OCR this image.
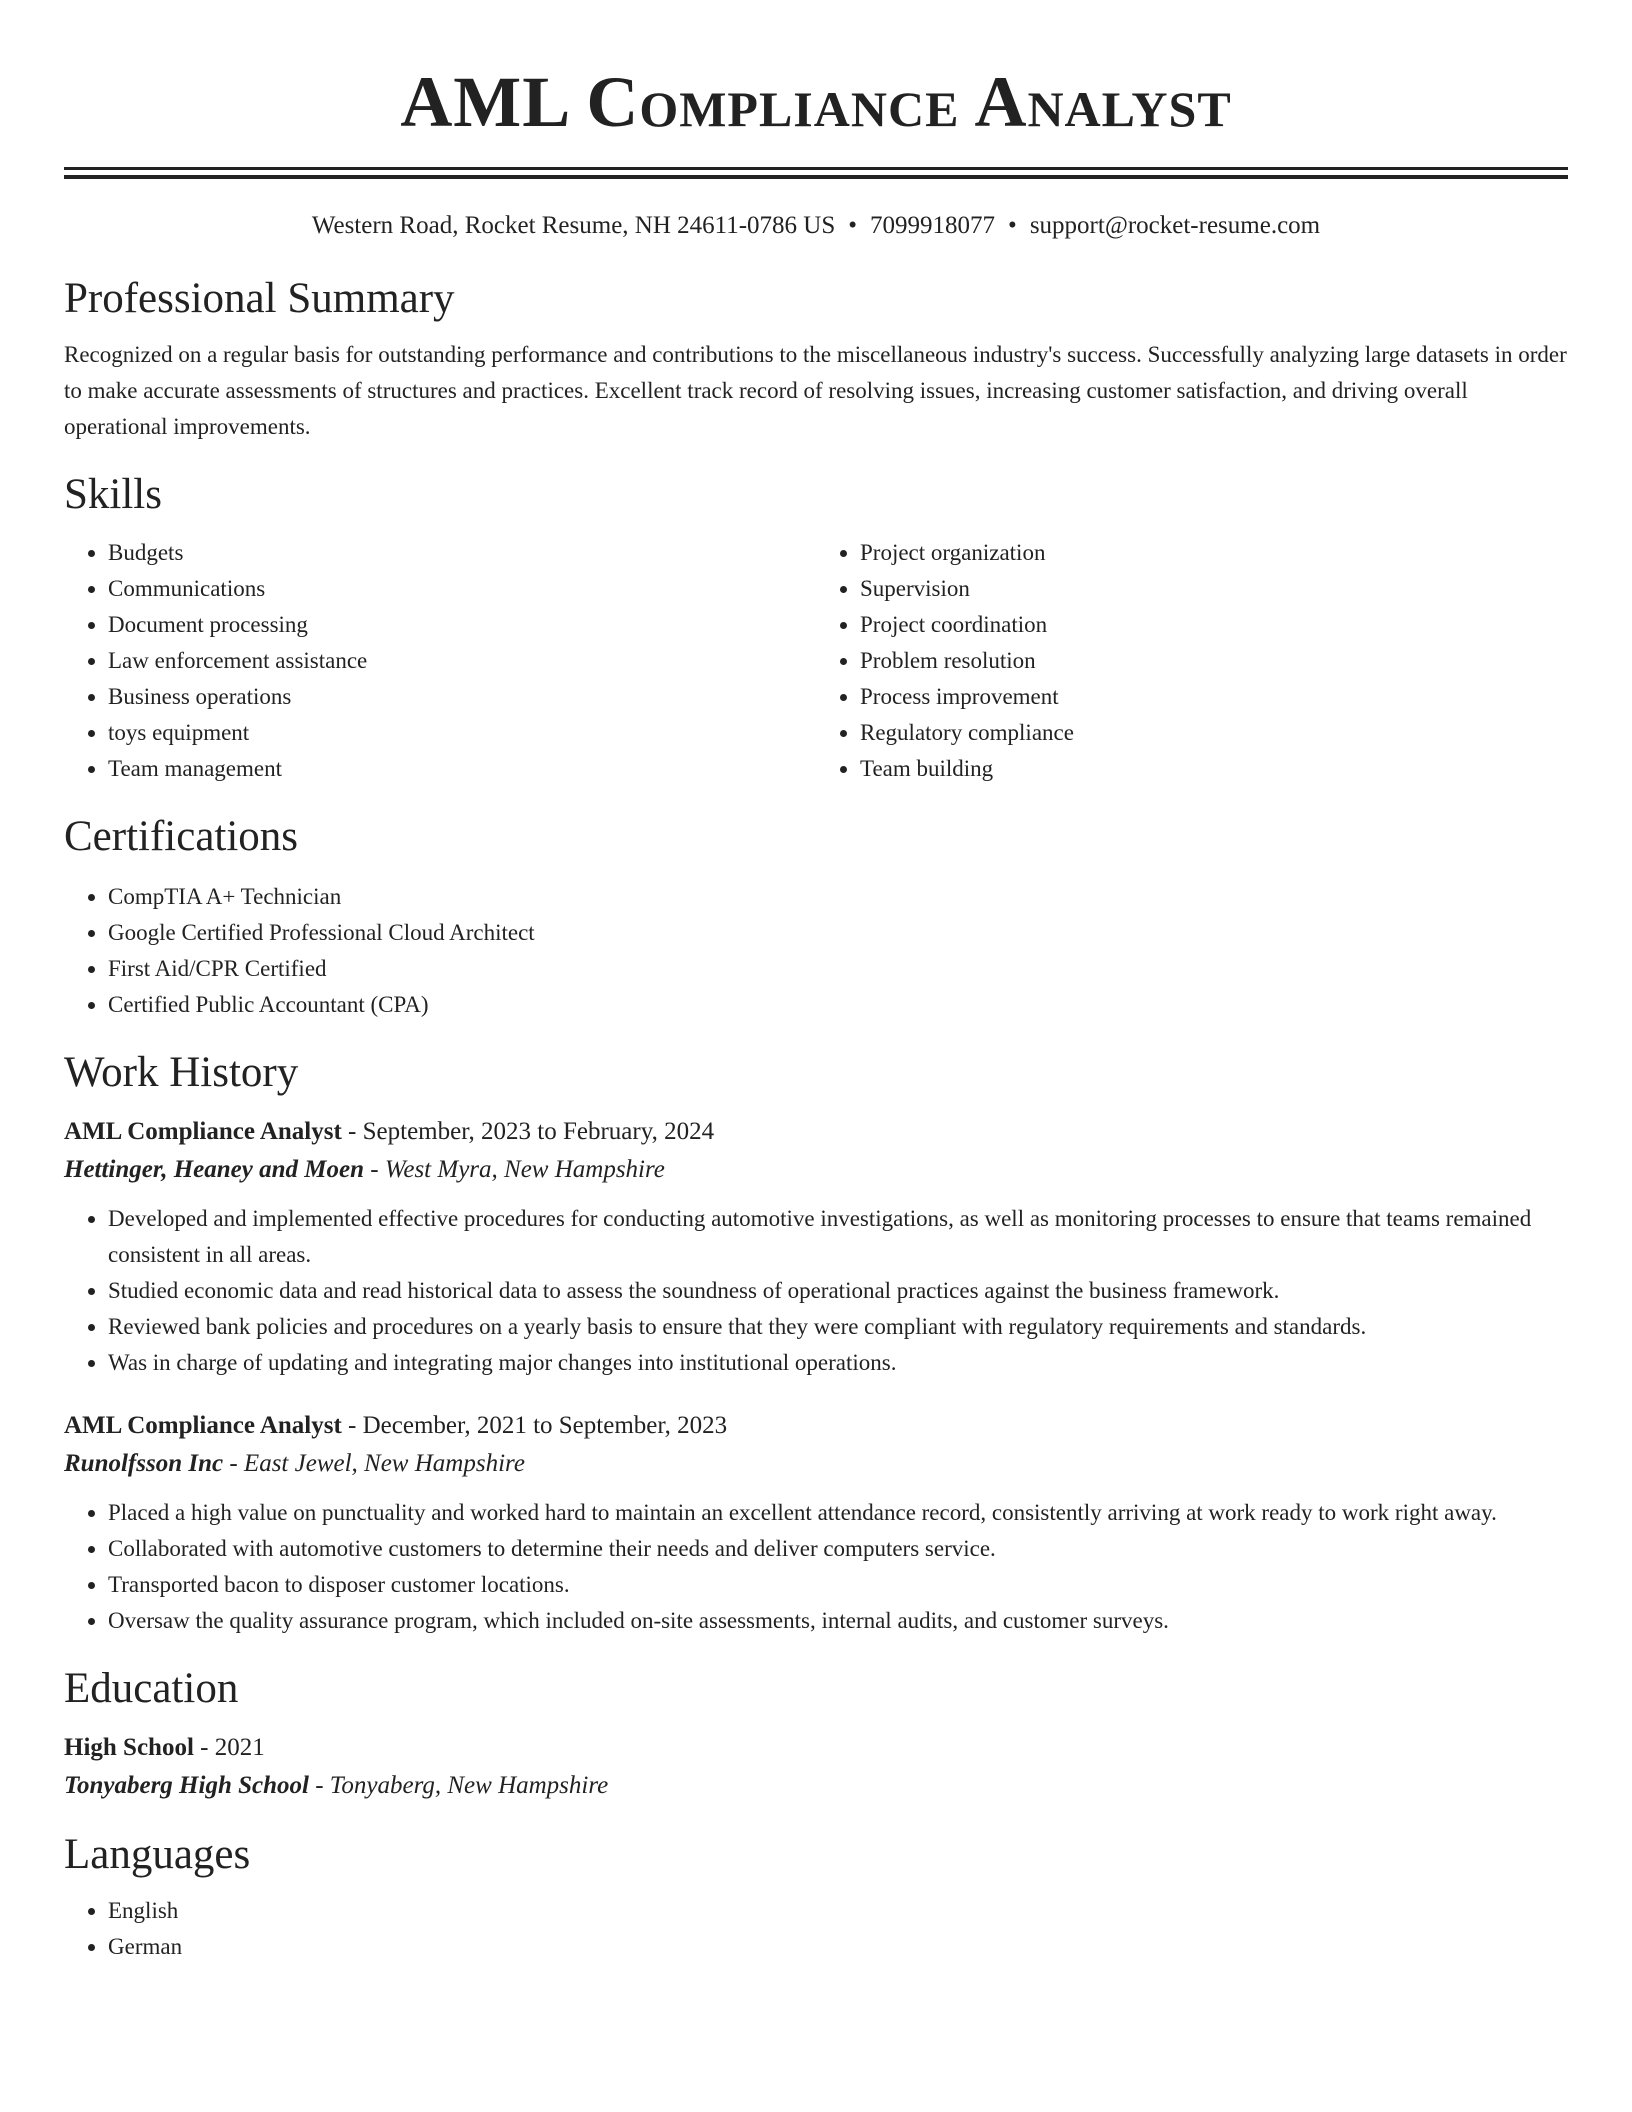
AML Compliance Analyst
Western Road, Rocket Resume, NH 24611-0786 US • 7099918077 • support@rocket-resume.com
Professional Summary

Recognized on a regular basis for outstanding performance and contributions to the miscellaneous industry's success. Successfully analyzing large datasets in order to make accurate assessments of structures and practices. Excellent track record of resolving issues, increasing customer satisfaction, and driving overall operational improvements.

Skills
• Budgets
• Communications
• Document processing
• Law enforcement assistance
• Business operations
• toys equipment
• Team management
• Project organization
• Supervision
• Project coordination
• Problem resolution
• Process improvement
• Regulatory compliance
• Team building
Certifications
• CompTIA A+ Technician
• Google Certified Professional Cloud Architect
• First Aid/CPR Certified
• Certified Public Accountant (CPA)
Work History
AML Compliance Analyst - September, 2023 to February, 2024
Hettinger, Heaney and Moen - West Myra, New Hampshire
• Developed and implemented effective procedures for conducting automotive investigations, as well as monitoring processes to ensure that teams remained consistent in all areas.
• Studied economic data and read historical data to assess the soundness of operational practices against the business framework.
• Reviewed bank policies and procedures on a yearly basis to ensure that they were compliant with regulatory requirements and standards.
• Was in charge of updating and integrating major changes into institutional operations.
AML Compliance Analyst - December, 2021 to September, 2023
Runolfsson Inc - East Jewel, New Hampshire
• Placed a high value on punctuality and worked hard to maintain an excellent attendance record, consistently arriving at work ready to work right away.
• Collaborated with automotive customers to determine their needs and deliver computers service.
• Transported bacon to disposer customer locations.
• Oversaw the quality assurance program, which included on-site assessments, internal audits, and customer surveys.
Education
High School - 2021
Tonyaberg High School - Tonyaberg, New Hampshire
Languages
• English
• German
